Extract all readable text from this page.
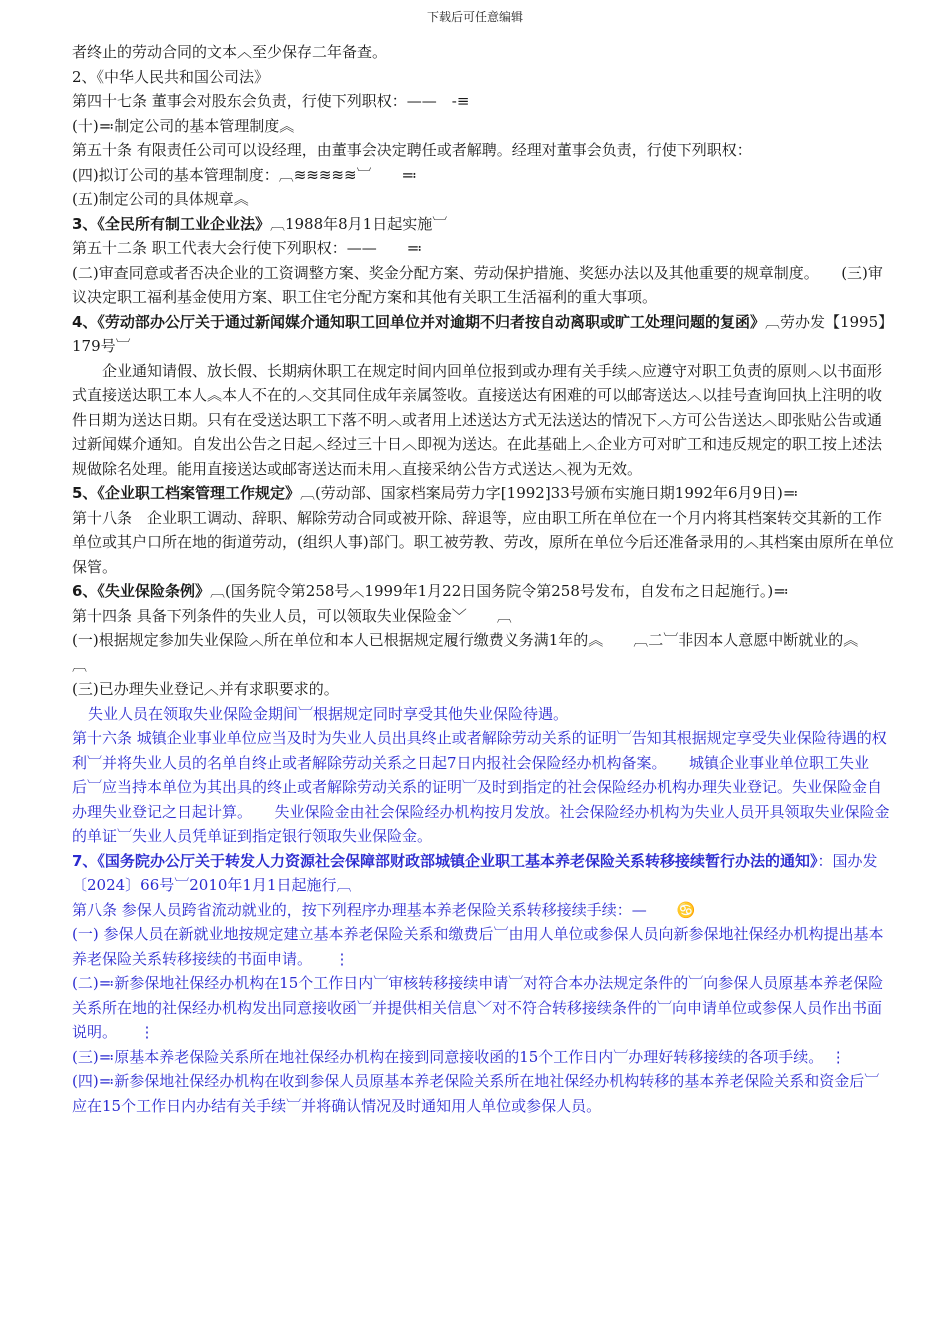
下载后可任意编辑

者终止的劳动合同的文本︿至少保存二年备查。

2、《中华人民共和国公司法》

第四十七条 董事会对股东会负责，行使下列职权：——　-≡

(十)≕制定公司的基本管理制度︽

第五十条 有限责任公司可以设经理，由董事会决定聘任或者解聘。经理对董事会负责，行使下列职权：

(四)拟订公司的基本管理制度：︹≋≋≋≋≋︺　　≕

(五)制定公司的具体规章︽

3、《全民所有制工业企业法》︹1988年8月1日起实施︺

第五十二条 职工代表大会行使下列职权：——　　≕

(二)审查同意或者否决企业的工资调整方案、奖金分配方案、劳动保护措施、奖惩办法以及其他重要的规章制度。　　(三)审议决定职工福利基金使用方案、职工住宅分配方案和其他有关职工生活福利的重大事项。

4、《劳动部办公厅关于通过新闻媒介通知职工回单位并对逾期不归者按自动离职或旷工处理问题的复函》︹劳办发【1995】179号︺

企业通知请假、放长假、长期病休职工在规定时间内回单位报到或办理有关手续︿应遵守对职工负责的原则︿以书面形式直接送达职工本人︽本人不在的︿交其同住成年亲属签收。直接送达有困难的可以邮寄送达︿以挂号查询回执上注明的收件日期为送达日期。只有在受送达职工下落不明︿或者用上述送达方式无法送达的情况下︿方可公告送达︿即张贴公告或通过新闻媒介通知。自发出公告之日起︿经过三十日︿即视为送达。在此基础上︿企业方可对旷工和违反规定的职工按上述法规做除名处理。能用直接送达或邮寄送达而未用︿直接采纳公告方式送达︿视为无效。

5、《企业职工档案管理工作规定》︹(劳动部、国家档案局劳力字[1992]33号颁布实施日期1992年6月9日)≕

第十八条　企业职工调动、辞职、解除劳动合同或被开除、辞退等，应由职工所在单位在一个月内将其档案转交其新的工作单位或其户口所在地的街道劳动，(组织人事)部门。职工被劳教、劳改，原所在单位今后还准备录用的︿其档案由原所在单位保管。

6、《失业保险条例》︹(国务院令第258号︿1999年1月22日国务院令第258号发布，自发布之日起施行。)≕

第十四条 具备下列条件的失业人员，可以领取失业保险金﹀　　︹

(一)根据规定参加失业保险︿所在单位和本人已根据规定履行缴费义务满1年的︽　　︹二︺非因本人意愿中断就业的︽　　︹

(三)已办理失业登记︿并有求职要求的。

失业人员在领取失业保险金期间︺根据规定同时享受其他失业保险待遇。

第十六条 城镇企业事业单位应当及时为失业人员出具终止或者解除劳动关系的证明︺告知其根据规定享受失业保险待遇的权利︺并将失业人员的名单自终止或者解除劳动关系之日起7日内报社会保险经办机构备案。　　城镇企业事业单位职工失业后︺应当持本单位为其出具的终止或者解除劳动关系的证明︺及时到指定的社会保险经办机构办理失业登记。失业保险金自办理失业登记之日起计算。　　失业保险金由社会保险经办机构按月发放。社会保险经办机构为失业人员开具领取失业保险金的单证︺失业人员凭单证到指定银行领取失业保险金。

7、《国务院办公厅关于转发人力资源社会保障部财政部城镇企业职工基本养老保险关系转移接续暂行办法的通知》：国办发〔2024〕66号︺2010年1月1日起施行︹

第八条 参保人员跨省流动就业的，按下列程序办理基本养老保险关系转移接续手续：—　　♋

(一) 参保人员在新就业地按规定建立基本养老保险关系和缴费后︺由用人单位或参保人员向新参保地社保经办机构提出基本养老保险关系转移接续的书面申请。　　⋮

(二)≕新参保地社保经办机构在15个工作日内︺审核转移接续申请︺对符合本办法规定条件的︺向参保人员原基本养老保险关系所在地的社保经办机构发出同意接收函︺并提供相关信息﹀对不符合转移接续条件的︺向申请单位或参保人员作出书面说明。　　⋮

(三)≕原基本养老保险关系所在地社保经办机构在接到同意接收函的15个工作日内︺办理好转移接续的各项手续。　⋮

(四)≕新参保地社保经办机构在收到参保人员原基本养老保险关系所在地社保经办机构转移的基本养老保险关系和资金后︺应在15个工作日内办结有关手续︺并将确认情况及时通知用人单位或参保人员。
